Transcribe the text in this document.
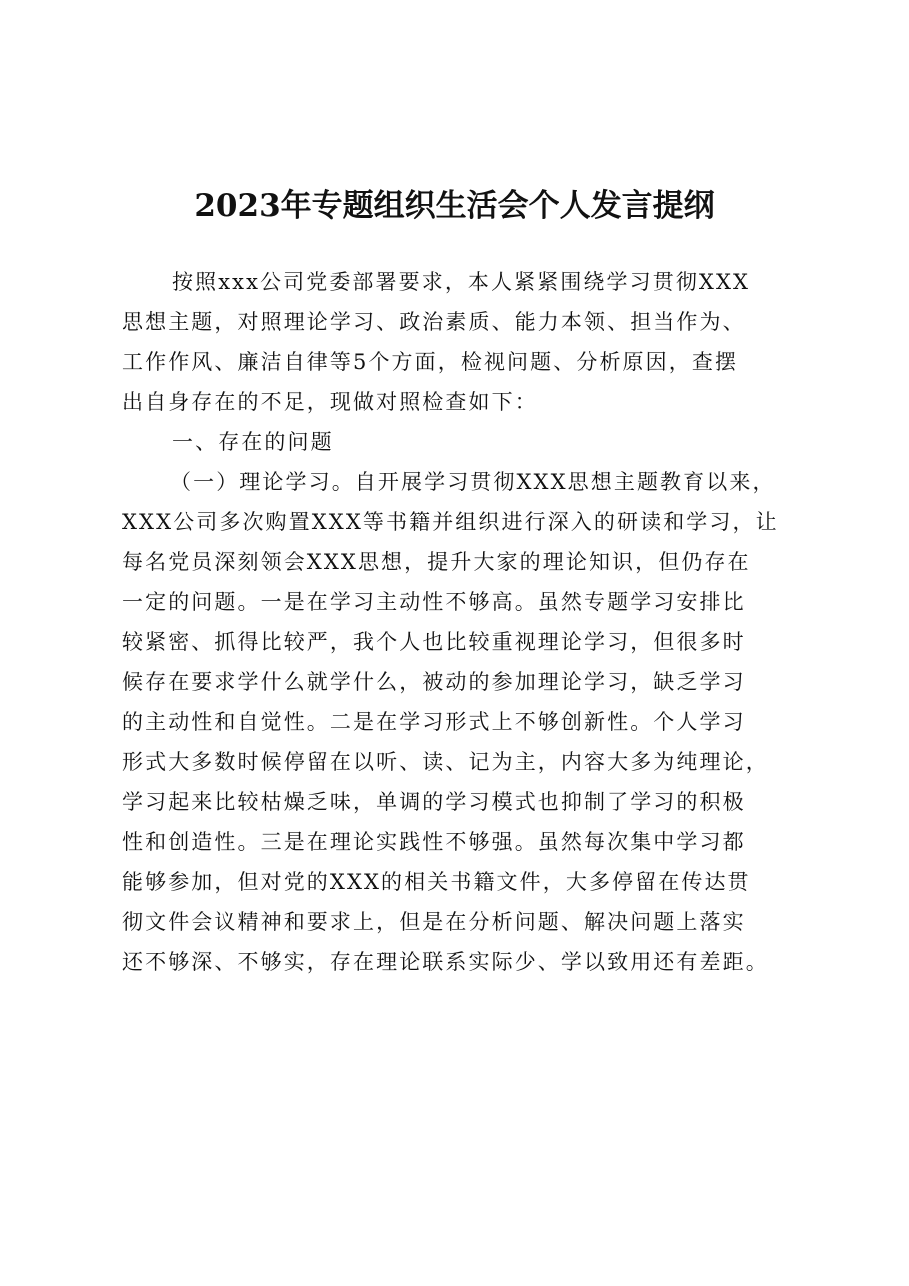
2023年专题组织生活会个人发言提纲
按照xxx公司党委部署要求，本人紧紧围绕学习贯彻XXX
思想主题，对照理论学习、政治素质、能力本领、担当作为、
工作作风、廉洁自律等5个方面，检视问题、分析原因，查摆
出自身存在的不足，现做对照检查如下：
一、存在的问题
（一）理论学习。自开展学习贯彻XXX思想主题教育以来，
XXX公司多次购置XXX等书籍并组织进行深入的研读和学习，让
每名党员深刻领会XXX思想，提升大家的理论知识，但仍存在
一定的问题。一是在学习主动性不够高。虽然专题学习安排比
较紧密、抓得比较严，我个人也比较重视理论学习，但很多时
候存在要求学什么就学什么，被动的参加理论学习，缺乏学习
的主动性和自觉性。二是在学习形式上不够创新性。个人学习
形式大多数时候停留在以听、读、记为主，内容大多为纯理论，
学习起来比较枯燥乏味，单调的学习模式也抑制了学习的积极
性和创造性。三是在理论实践性不够强。虽然每次集中学习都
能够参加，但对党的XXX的相关书籍文件，大多停留在传达贯
彻文件会议精神和要求上，但是在分析问题、解决问题上落实
还不够深、不够实，存在理论联系实际少、学以致用还有差距。
